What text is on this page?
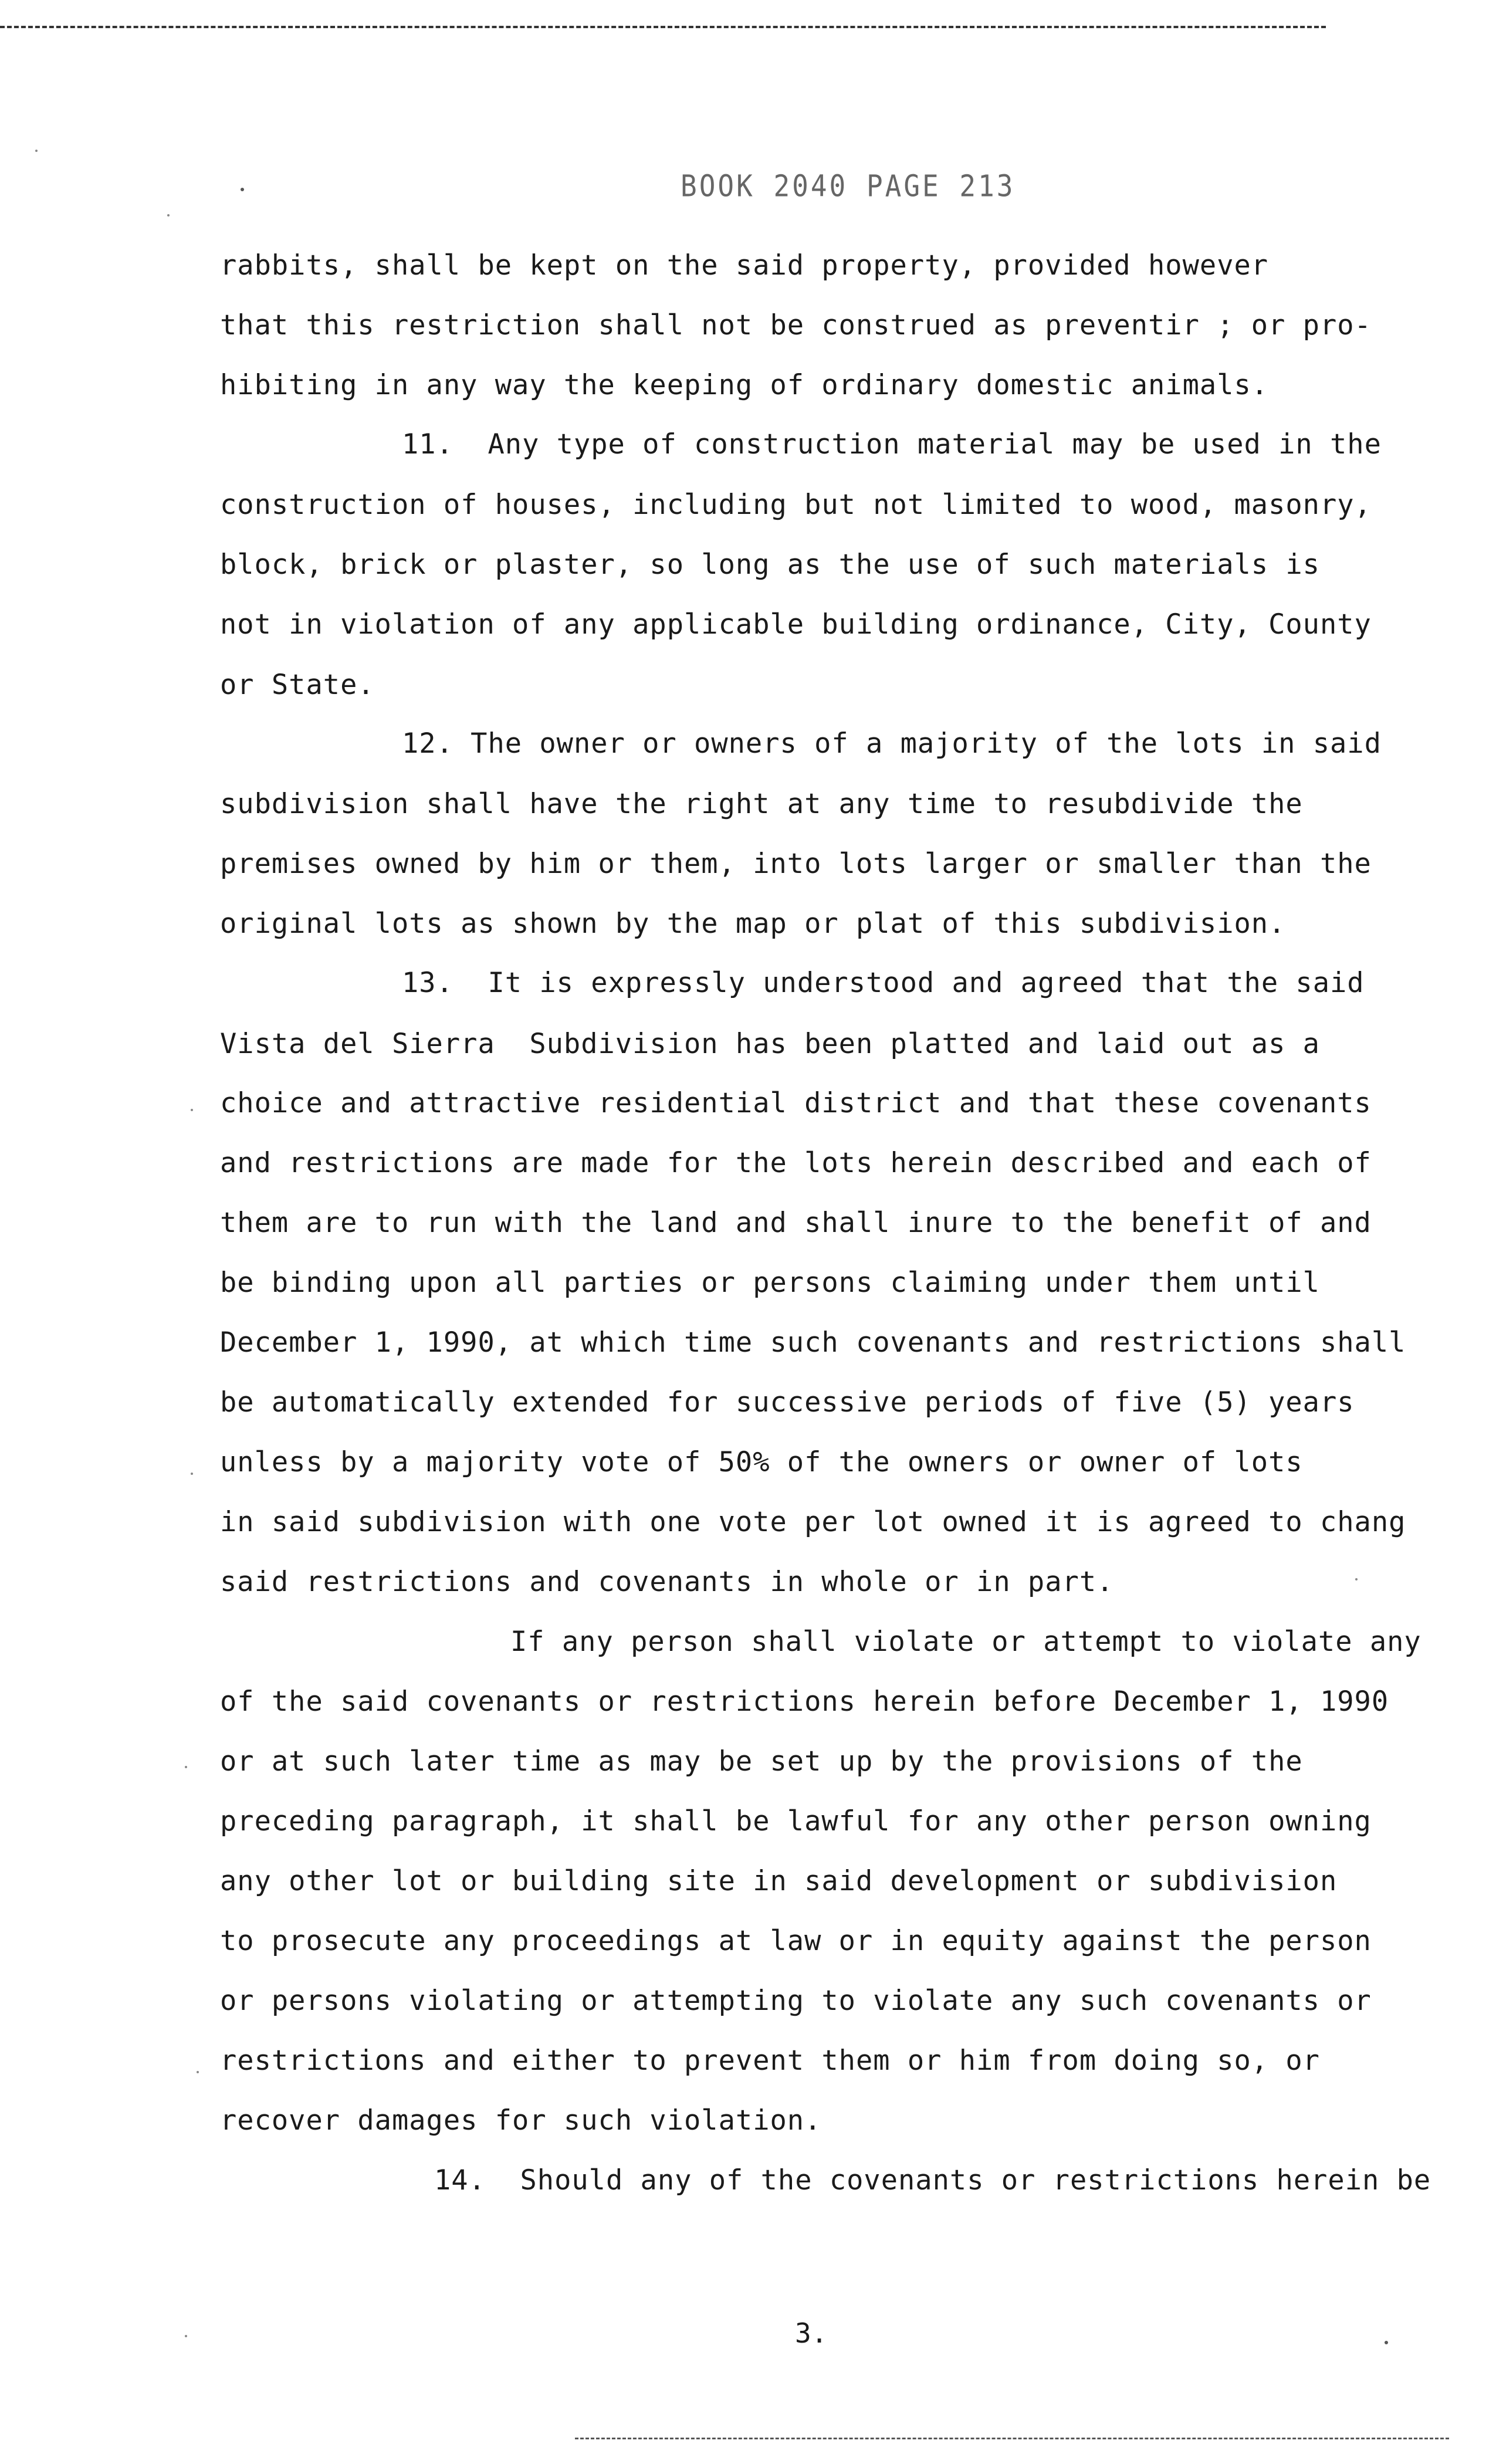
BOOK 2040 PAGE 213
rabbits, shall be kept on the said property, provided however
that this restriction shall not be construed as preventir ; or pro-
hibiting in any way the keeping of ordinary domestic animals.
11.  Any type of construction material may be used in the
construction of houses, including but not limited to wood, masonry,
block, brick or plaster, so long as the use of such materials is
not in violation of any applicable building ordinance, City, County
or State.
12. The owner or owners of a majority of the lots in said
subdivision shall have the right at any time to resubdivide the
premises owned by him or them, into lots larger or smaller than the
original lots as shown by the map or plat of this subdivision.
13.  It is expressly understood and agreed that the said
Vista del Sierra  Subdivision has been platted and laid out as a
choice and attractive residential district and that these covenants
and restrictions are made for the lots herein described and each of
them are to run with the land and shall inure to the benefit of and
be binding upon all parties or persons claiming under them until
December 1, 1990, at which time such covenants and restrictions shall
be automatically extended for successive periods of five (5) years
unless by a majority vote of 50% of the owners or owner of lots
in said subdivision with one vote per lot owned it is agreed to chang
said restrictions and covenants in whole or in part.
If any person shall violate or attempt to violate any
of the said covenants or restrictions herein before December 1, 1990
or at such later time as may be set up by the provisions of the
preceding paragraph, it shall be lawful for any other person owning
any other lot or building site in said development or subdivision
to prosecute any proceedings at law or in equity against the person
or persons violating or attempting to violate any such covenants or
restrictions and either to prevent them or him from doing so, or
recover damages for such violation.
14.  Should any of the covenants or restrictions herein be
3.
